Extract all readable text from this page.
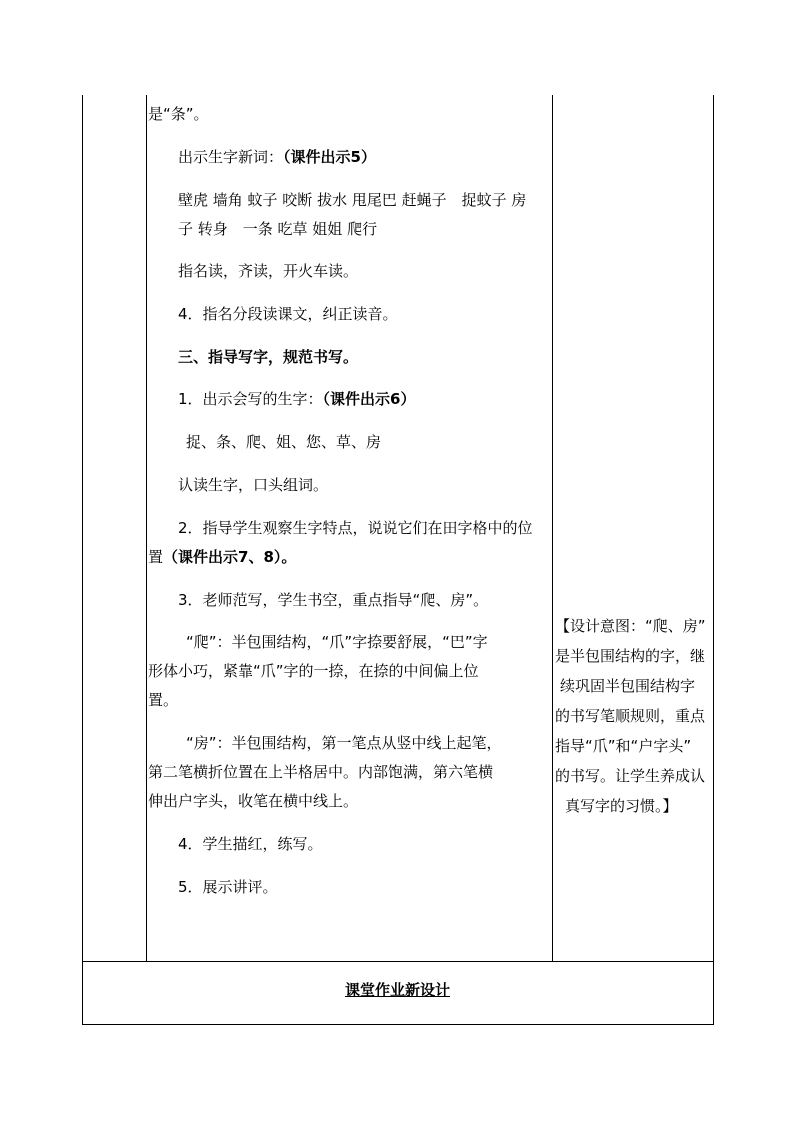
是“条”。
出示生字新词：（课件出示5）
壁虎 墙角 蚊子 咬断 拔水 甩尾巴 赶蝇子　捉蚊子 房
子 转身　一条 吃草 姐姐 爬行
指名读，齐读，开火车读。
4．指名分段读课文，纠正读音。
三、指导写字，规范书写。
1．出示会写的生字：（课件出示6）
捉、条、爬、姐、您、草、房
认读生字，口头组词。
2．指导学生观察生字特点，说说它们在田字格中的位
置（课件出示7、8）。
3．老师范写，学生书空，重点指导“爬、房”。
“爬”：半包围结构，“爪”字捺要舒展，“巴”字
形体小巧，紧靠“爪”字的一捺，在捺的中间偏上位
置。
“房”：半包围结构，第一笔点从竖中线上起笔，
第二笔横折位置在上半格居中。内部饱满，第六笔横
伸出户字头，收笔在横中线上。
4．学生描红，练写。
5．展示讲评。
【设计意图：“爬、房”
是半包围结构的字，继
续巩固半包围结构字
的书写笔顺规则，重点
指导“爪”和“户字头”
的书写。让学生养成认
真写字的习惯。】
课堂作业新设计
